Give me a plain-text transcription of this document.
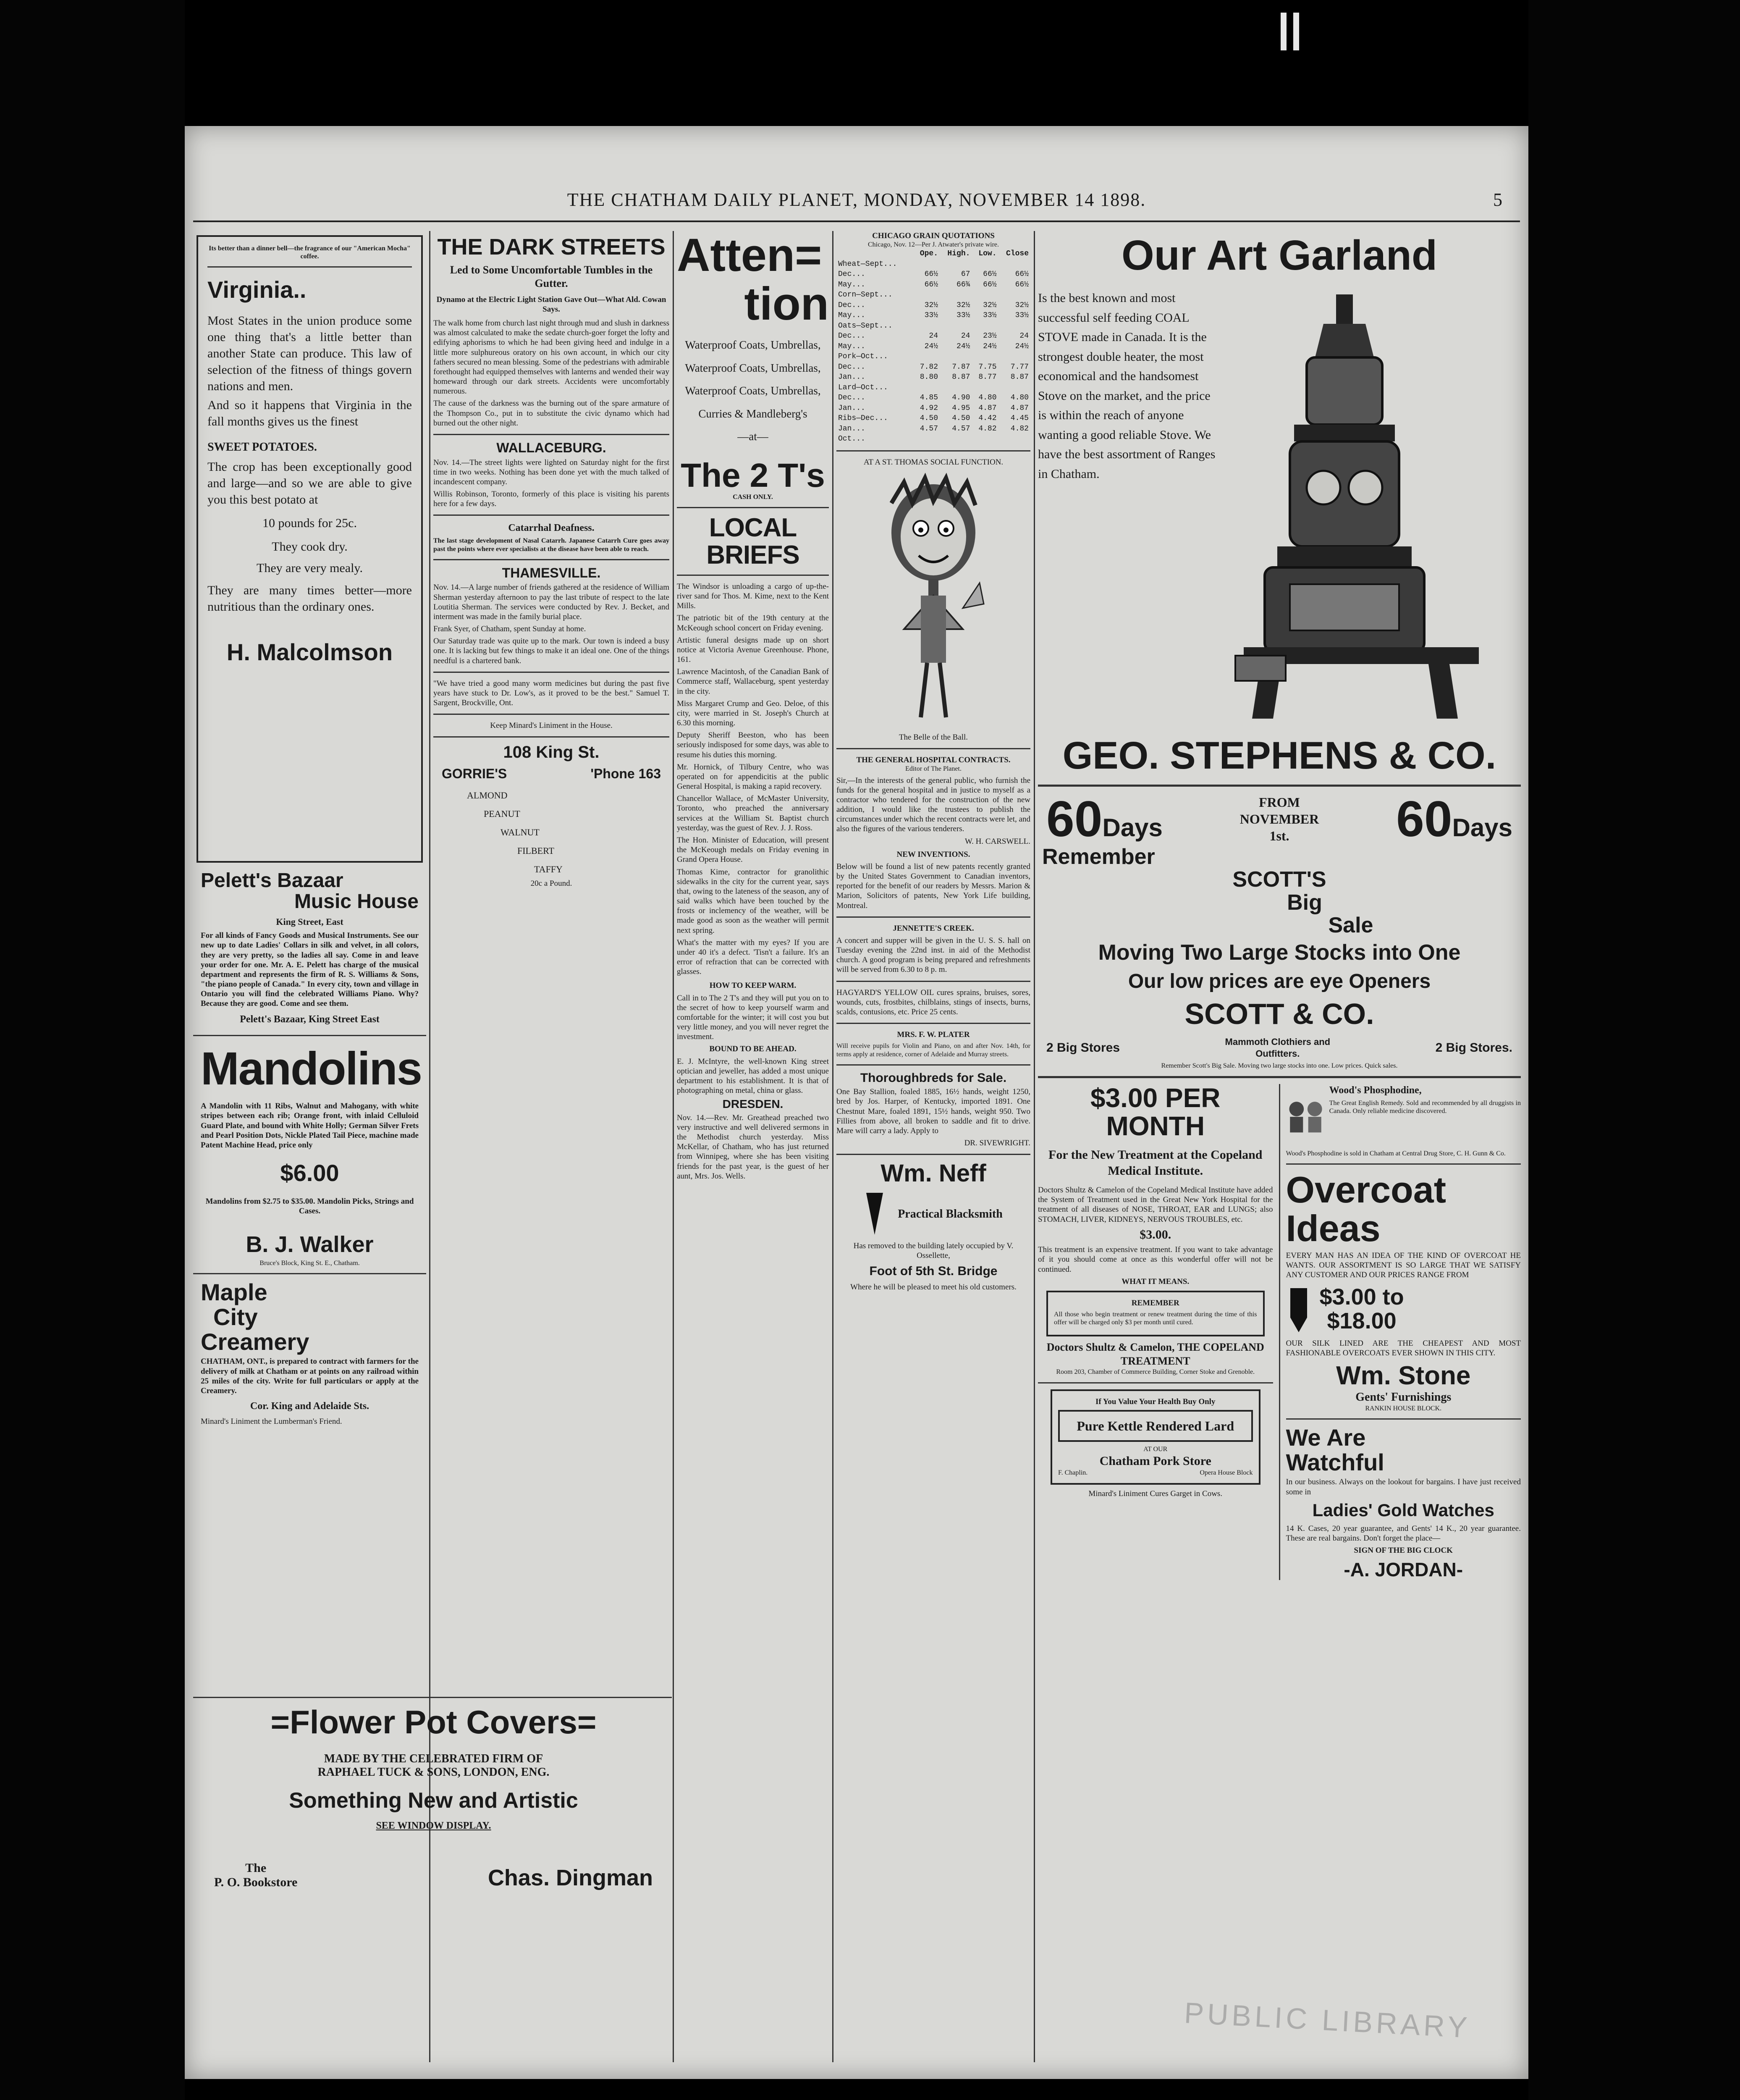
THE CHATHAM DAILY PLANET, MONDAY, NOVEMBER 14 1898.	5
Its better than a dinner bell—the fragrance of our "American Mocha" coffee.
Virginia..

Most States in the union produce some one thing that's a little better than another State can produce. This law of selection of the fitness of things govern nations and men.

And so it happens that Virginia in the fall months gives us the finest

SWEET POTATOES.

The crop has been exceptionally good and large—and so we are able to give you this best potato at

10 pounds for 25c.
They cook dry.
They are very mealy.

They are many times better—more nutritious than the ordinary ones.

H. Malcolmson
Pelett's Bazaar
Music House
King Street, East

For all kinds of Fancy Goods and Musical Instruments. See our new up to date Ladies' Collars in silk and velvet, in all colors, they are very pretty, so the ladies all say. Come in and leave your order for one. Mr. A. E. Pelett has charge of the musical department and represents the firm of R. S. Williams & Sons, "the piano people of Canada." In every city, town and village in Ontario you will find the celebrated Williams Piano. Why? Because they are good. Come and see them.

Pelett's Bazaar, King Street East
Mandolins

A Mandolin with 11 Ribs, Walnut and Mahogany, with white stripes between each rib; Orange front, with inlaid Celluloid Guard Plate, and bound with White Holly; German Silver Frets and Pearl Position Dots, Nickle Plated Tail Piece, machine made Patent Machine Head, price only

$6.00
Mandolins from $2.75 to $35.00. Mandolin Picks, Strings and Cases.
B. J. Walker
Bruce's Block, King St. E., Chatham.
Maple
City
Creamery

CHATHAM, ONT., is prepared to contract with farmers for the delivery of milk at Chatham or at points on any railroad within 25 miles of the city. Write for full particulars or apply at the Creamery.

Cor. King and Adelaide Sts.
Minard's Liniment the Lumberman's Friend.
THE DARK STREETS
Led to Some Uncomfortable Tumbles in the Gutter.
Dynamo at the Electric Light Station Gave Out—What Ald. Cowan Says.

The walk home from church last night through mud and slush in darkness was almost calculated to make the sedate church-goer forget the lofty and edifying aphorisms to which he had been giving heed and indulge in a little more sulphureous oratory on his own account, in which our city fathers secured no mean blessing. Some of the pedestrians with admirable forethought had equipped themselves with lanterns and wended their way homeward through our dark streets. Accidents were uncomfortably numerous.

The cause of the darkness was the burning out of the spare armature of the Thompson Co., put in to substitute the civic dynamo which had burned out the other night.

WALLACEBURG.

Nov. 14.—The street lights were lighted on Saturday night for the first time in two weeks. Nothing has been done yet with the much talked of incandescent company.

Willis Robinson, Toronto, formerly of this place is visiting his parents here for a few days.

Catarrhal Deafness.

The last stage development of Nasal Catarrh. Japanese Catarrh Cure goes away past the points where ever specialists at the disease have been able to reach.

THAMESVILLE.

Nov. 14.—A large number of friends gathered at the residence of William Sherman yesterday afternoon to pay the last tribute of respect to the late Loutitia Sherman. The services were conducted by Rev. J. Becket, and interment was made in the family burial place.

Frank Syer, of Chatham, spent Sunday at home.

Our Saturday trade was quite up to the mark. Our town is indeed a busy one. It is lacking but few things to make it an ideal one. One of the things needful is a chartered bank.

"We have tried a good many worm medicines but during the past five years have stuck to Dr. Low's, as it proved to be the best." Samuel T. Sargent, Brockville, Ont.

Keep Minard's Liniment in the House.
108 King St.
GORRIE'S	'Phone 163
ALMOND
PEANUT
WALNUT
FILBERT
TAFFY
20c a Pound.
=Flower Pot Covers=
MADE BY THE CELEBRATED FIRM OF
RAPHAEL TUCK & SONS, LONDON, ENG.
Something New and Artistic
SEE WINDOW DISPLAY.
The
P. O. Bookstore	Chas. Dingman
Atten=
tion
Waterproof Coats, Umbrellas,
Waterproof Coats, Umbrellas,
Waterproof Coats, Umbrellas,
Curries & Mandleberg's
—at—
The 2 T's
CASH ONLY.
LOCAL BRIEFS

The Windsor is unloading a cargo of up-the-river sand for Thos. M. Kime, next to the Kent Mills.

The patriotic bit of the 19th century at the McKeough school concert on Friday evening.

Artistic funeral designs made up on short notice at Victoria Avenue Greenhouse. Phone, 161.

Lawrence Macintosh, of the Canadian Bank of Commerce staff, Wallaceburg, spent yesterday in the city.

Miss Margaret Crump and Geo. Deloe, of this city, were married in St. Joseph's Church at 6.30 this morning.

Deputy Sheriff Beeston, who has been seriously indisposed for some days, was able to resume his duties this morning.

Mr. Hornick, of Tilbury Centre, who was operated on for appendicitis at the public General Hospital, is making a rapid recovery.

Chancellor Wallace, of McMaster University, Toronto, who preached the anniversary services at the William St. Baptist church yesterday, was the guest of Rev. J. J. Ross.

The Hon. Minister of Education, will present the McKeough medals on Friday evening in Grand Opera House.

Thomas Kime, contractor for granolithic sidewalks in the city for the current year, says that, owing to the lateness of the season, any of said walks which have been touched by the frosts or inclemency of the weather, will be made good as soon as the weather will permit next spring.

What's the matter with my eyes? If you are under 40 it's a defect. 'Tisn't a failure. It's an error of refraction that can be corrected with glasses.

HOW TO KEEP WARM.

Call in to The 2 T's and they will put you on to the secret of how to keep yourself warm and comfortable for the winter; it will cost you but very little money, and you will never regret the investment.

BOUND TO BE AHEAD.

E. J. McIntyre, the well-known King street optician and jeweller, has added a most unique department to his establishment. It is that of photographing on metal, china or glass.

DRESDEN.

Nov. 14.—Rev. Mr. Greathead preached two very instructive and well delivered sermons in the Methodist church yesterday. Miss McKellar, of Chatham, who has just returned from Winnipeg, where she has been visiting friends for the past year, is the guest of her aunt, Mrs. Jos. Wells.

CHICAGO GRAIN QUOTATIONS
Chicago, Nov. 12—Per J. Atwater's private wire.
	Ope.	High.	Low.	Close
Wheat—Sept...				
Dec...	66½	67	66½	66½
May...	66½	66¾	66½	66½
Corn—Sept...				
Dec...	32½	32½	32½	32½
May...	33½	33½	33½	33½
Oats—Sept...				
Dec...	24	24	23½	24
May...	24½	24½	24½	24½
Pork—Oct...				
Dec...	7.82	7.87	7.75	7.77
Jan...	8.80	8.87	8.77	8.87
Lard—Oct...				
Dec...	4.85	4.90	4.80	4.80
Jan...	4.92	4.95	4.87	4.87
Ribs—Dec...	4.50	4.50	4.42	4.45
Jan...	4.57	4.57	4.82	4.82
Oct...				
AT A ST. THOMAS SOCIAL FUNCTION.
The Belle of the Ball.
THE GENERAL HOSPITAL CONTRACTS.
Editor of The Planet.

Sir,—In the interests of the general public, who furnish the funds for the general hospital and in justice to myself as a contractor who tendered for the construction of the new addition, I would like the trustees to publish the circumstances under which the recent contracts were let, and also the figures of the various tenderers.

W. H. CARSWELL.
NEW INVENTIONS.

Below will be found a list of new patents recently granted by the United States Government to Canadian inventors, reported for the benefit of our readers by Messrs. Marion & Marion, Solicitors of patents, New York Life building, Montreal.

JENNETTE'S CREEK.

A concert and supper will be given in the U. S. S. hall on Tuesday evening the 22nd inst. in aid of the Methodist church. A good program is being prepared and refreshments will be served from 6.30 to 8 p. m.

HAGYARD'S YELLOW OIL cures sprains, bruises, sores, wounds, cuts, frostbites, chilblains, stings of insects, burns, scalds, contusions, etc. Price 25 cents.

MRS. F. W. PLATER

Will receive pupils for Violin and Piano, on and after Nov. 14th, for terms apply at residence, corner of Adelaide and Murray streets.

Thoroughbreds for Sale.

One Bay Stallion, foaled 1885, 16½ hands, weight 1250, bred by Jos. Harper, of Kentucky, imported 1891. One Chestnut Mare, foaled 1891, 15½ hands, weight 950. Two Fillies from above, all broken to saddle and fit to drive. Mare will carry a lady. Apply to

DR. SIVEWRIGHT.
Wm. Neff
Practical Blacksmith

Has removed to the building lately occupied by V. Ossellette,

Foot of 5th St. Bridge

Where he will be pleased to meet his old customers.

Our Art Garland

Is the best known and most successful self feeding COAL STOVE made in Canada. It is the strongest double heater, the most economical and the handsomest Stove on the market, and the price is within the reach of anyone wanting a good reliable Stove. We have the best assortment of Ranges in Chatham.

GEO. STEPHENS & CO.
60Days
FROM NOVEMBER 1st.	60Days
Remember
SCOTT'S
Big
Sale
Moving Two Large Stocks into One
Our low prices are eye Openers
SCOTT & CO.
2 Big Stores	Mammoth Clothiers and Outfitters.	2 Big Stores.
Remember Scott's Big Sale. Moving two large stocks into one. Low prices. Quick sales.
$3.00 PER MONTH
For the New Treatment at the Copeland Medical Institute.

Doctors Shultz & Camelon of the Copeland Medical Institute have added the System of Treatment used in the Great New York Hospital for the treatment of all diseases of NOSE, THROAT, EAR and LUNGS; also STOMACH, LIVER, KIDNEYS, NERVOUS TROUBLES, etc.

$3.00.

This treatment is an expensive treatment. If you want to take advantage of it you should come at once as this wonderful offer will not be continued.

WHAT IT MEANS.
REMEMBER

All those who begin treatment or renew treatment during the time of this offer will be charged only $3 per month until cured.

Doctors Shultz & Camelon, THE COPELAND TREATMENT
Room 203, Chamber of Commerce Building, Corner Stoke and Grenoble.
If You Value Your Health Buy Only
Pure Kettle Rendered Lard
AT OUR
Chatham Pork Store
F. Chaplin.	Opera House Block
Minard's Liniment Cures Garget in Cows.
Wood's Phosphodine,

The Great English Remedy. Sold and recommended by all druggists in Canada. Only reliable medicine discovered.

Wood's Phosphodine is sold in Chatham at Central Drug Store, C. H. Gunn & Co.

Overcoat Ideas

EVERY MAN HAS AN IDEA OF THE KIND OF OVERCOAT HE WANTS. OUR ASSORTMENT IS SO LARGE THAT WE SATISFY ANY CUSTOMER AND OUR PRICES RANGE FROM

$3.00 to
$18.00

OUR SILK LINED ARE THE CHEAPEST AND MOST FASHIONABLE OVERCOATS EVER SHOWN IN THIS CITY.

Wm. Stone
Gents' Furnishings
RANKIN HOUSE BLOCK.
We Are
Watchful

In our business. Always on the lookout for bargains. I have just received some in

Ladies' Gold Watches

14 K. Cases, 20 year guarantee, and Gents' 14 K., 20 year guarantee. These are real bargains. Don't forget the place—

SIGN OF THE BIG CLOCK
-A. JORDAN-
PUBLIC LIBRARY
